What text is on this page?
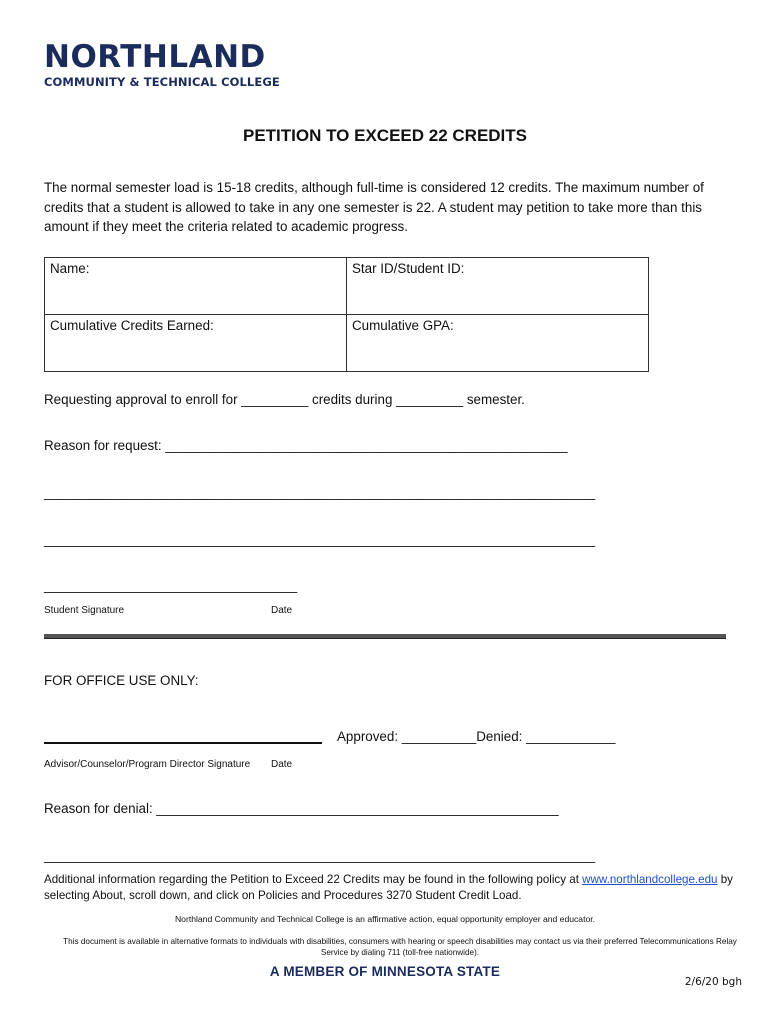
NORTHLAND
COMMUNITY & TECHNICAL COLLEGE
PETITION TO EXCEED 22 CREDITS
The normal semester load is 15-18 credits, although full-time is considered 12 credits. The maximum number of credits that a student is allowed to take in any one semester is 22. A student may petition to take more than this amount if they meet the criteria related to academic progress.
Name:	Star ID/Student ID:
Cumulative Credits Earned:	Cumulative GPA:
Requesting approval to enroll for _________ credits during _________ semester.
Reason for request: ______________________________________________________
__________________________________________________________________________
__________________________________________________________________________
__________________________________
Student Signature	Date
FOR OFFICE USE ONLY:
Approved: __________Denied: ____________
Advisor/Counselor/Program Director Signature Date
Reason for denial: ______________________________________________________
__________________________________________________________________________
Additional information regarding the Petition to Exceed 22 Credits may be found in the following policy at www.northlandcollege.edu by selecting About, scroll down, and click on Policies and Procedures 3270 Student Credit Load.
Northland Community and Technical College is an affirmative action, equal opportunity employer and educator.
This document is available in alternative formats to individuals with disabilities, consumers with hearing or speech disabilities may contact us via their preferred Telecommunications Relay Service by dialing 711 (toll-free nationwide).
A MEMBER OF MINNESOTA STATE
2/6/20 bgh
